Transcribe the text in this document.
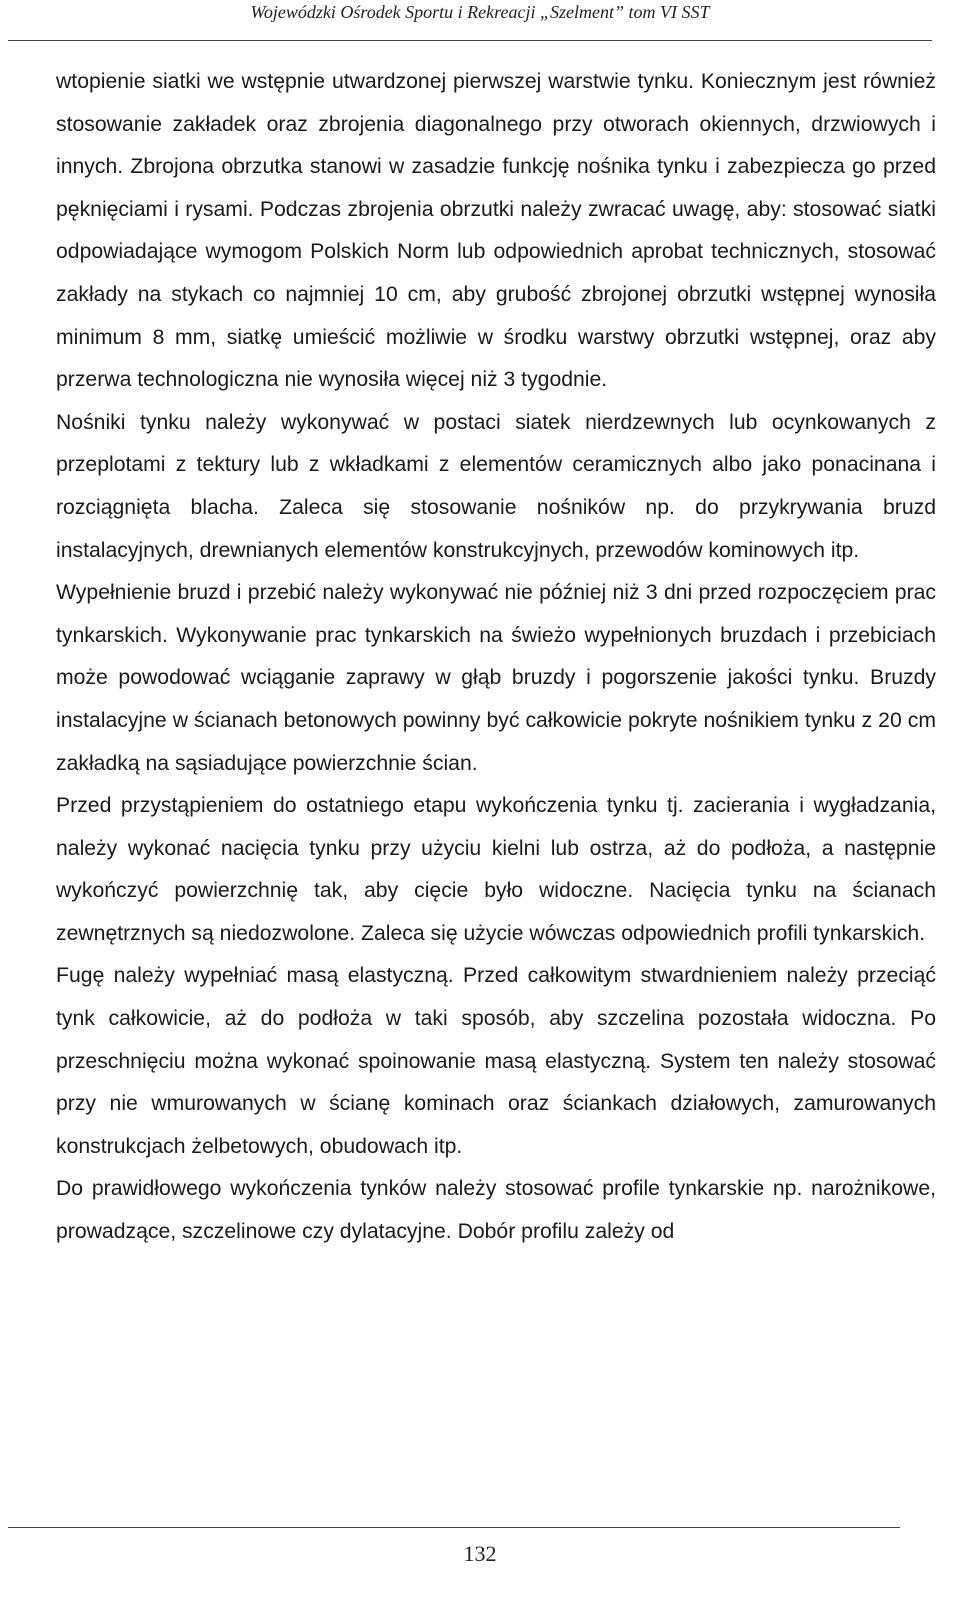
Wojewódzki Ośrodek Sportu i Rekreacji „Szelment” tom VI SST

wtopienie siatki we wstępnie utwardzonej pierwszej warstwie tynku. Koniecznym jest również stosowanie zakładek oraz zbrojenia diagonalnego przy otworach okiennych, drzwiowych i innych. Zbrojona obrzutka stanowi w zasadzie funkcję nośnika tynku i zabezpiecza go przed pęknięciami i rysami. Podczas zbrojenia obrzutki należy zwracać uwagę, aby: stosować siatki odpowiadające wymogom Polskich Norm lub odpowiednich aprobat technicznych, stosować zakłady na stykach co najmniej 10 cm, aby grubość zbrojonej obrzutki wstępnej wynosiła minimum 8 mm, siatkę umieścić możliwie w środku warstwy obrzutki wstępnej, oraz aby przerwa technologiczna nie wynosiła więcej niż 3 tygodnie.

Nośniki tynku należy wykonywać w postaci siatek nierdzewnych lub ocynkowanych z przeplotami z tektury lub z wkładkami z elementów ceramicznych albo jako ponacinana i rozciągnięta blacha. Zaleca się stosowanie nośników np. do przykrywania bruzd instalacyjnych, drewnianych elementów konstrukcyjnych, przewodów kominowych itp.

Wypełnienie bruzd i przebić należy wykonywać nie później niż 3 dni przed rozpoczęciem prac tynkarskich. Wykonywanie prac tynkarskich na świeżo wypełnionych bruzdach i przebiciach może powodować wciąganie zaprawy w głąb bruzdy i pogorszenie jakości tynku. Bruzdy instalacyjne w ścianach betonowych powinny być całkowicie pokryte nośnikiem tynku z 20 cm zakładką na sąsiadujące powierzchnie ścian.

Przed przystąpieniem do ostatniego etapu wykończenia tynku tj. zacierania i wygładzania, należy wykonać nacięcia tynku przy użyciu kielni lub ostrza, aż do podłoża, a następnie wykończyć powierzchnię tak, aby cięcie było widoczne. Nacięcia tynku na ścianach zewnętrznych są niedozwolone. Zaleca się użycie wówczas odpowiednich profili tynkarskich.

Fugę należy wypełniać masą elastyczną. Przed całkowitym stwardnieniem należy przeciąć tynk całkowicie, aż do podłoża w taki sposób, aby szczelina pozostała widoczna. Po przeschnięciu można wykonać spoinowanie masą elastyczną. System ten należy stosować przy nie wmurowanych w ścianę kominach oraz ściankach działowych, zamurowanych konstrukcjach żelbetowych, obudowach itp.

Do prawidłowego wykończenia tynków należy stosować profile tynkarskie np. narożnikowe, prowadzące, szczelinowe czy dylatacyjne. Dobór profilu zależy od

132
